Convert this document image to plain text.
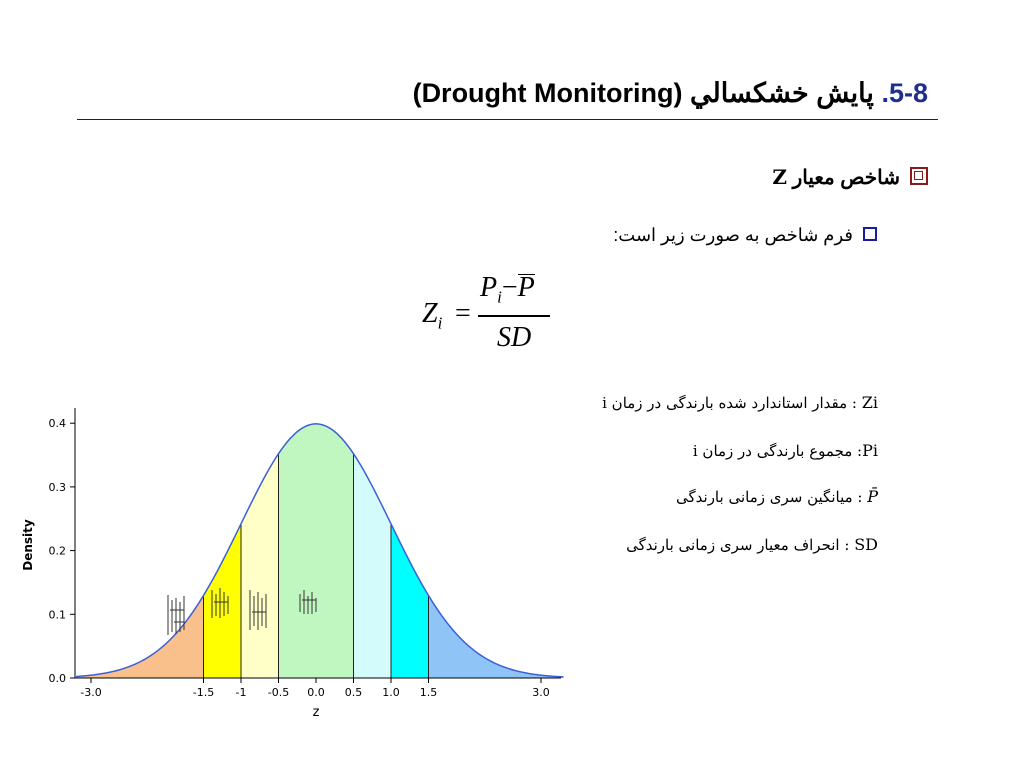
5-8. پايش خشكسالي (Drought Monitoring)
شاخص معیار Z
فرم شاخص به صورت زیر است:
$Z_i$ =
$P_i-P$
SD
Zi : مقدار استاندارد شده بارندگی در زمان i
Pi: مجموع بارندگی در زمان i
P̄ : میانگین سری زمانی بارندگی
SD : انحراف معیار سری زمانی بارندگی
-3.0	-1.5 -1 -0.5 0.0 0.5 1.0 1.5	3.0
0.0
0.1
0.2
0.3
0.4
z
Density
